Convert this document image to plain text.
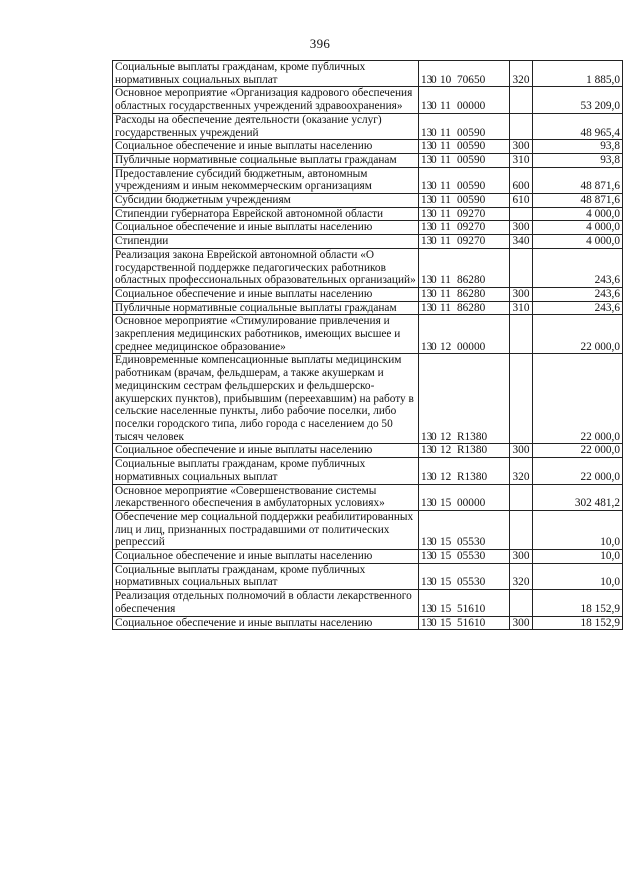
396
Социальные выплаты гражданам, кроме публичных нормативных социальных выплат	130 10 70650	320	1 885,0
Основное мероприятие «Организация кадрового обеспечения областных государственных учреждений здравоохранения»	130 11 00000		53 209,0
Расходы на обеспечение деятельности (оказание услуг) государственных учреждений	130 11 00590		48 965,4
Социальное обеспечение и иные выплаты населению	130 11 00590	300	93,8
Публичные нормативные социальные выплаты гражданам	130 11 00590	310	93,8
Предоставление субсидий бюджетным, автономным учреждениям и иным некоммерческим организациям	130 11 00590	600	48 871,6
Субсидии бюджетным учреждениям	130 11 00590	610	48 871,6
Стипендии губернатора Еврейской автономной области	130 11 09270		4 000,0
Социальное обеспечение и иные выплаты населению	130 11 09270	300	4 000,0
Стипендии	130 11 09270	340	4 000,0
Реализация закона Еврейской автономной области «О государственной поддержке педагогических работников областных профессиональных образовательных организаций»	130 11 86280		243,6
Социальное обеспечение и иные выплаты населению	130 11 86280	300	243,6
Публичные нормативные социальные выплаты гражданам	130 11 86280	310	243,6
Основное мероприятие «Стимулирование привлечения и закрепления медицинских работников, имеющих высшее и среднее медицинское образование»	130 12 00000		22 000,0
Единовременные компенсационные выплаты медицинским работникам (врачам, фельдшерам, а также акушеркам и медицинским сестрам фельдшерских и фельдшерско-акушерских пунктов), прибывшим (переехавшим) на работу в сельские населенные пункты, либо рабочие поселки, либо поселки городского типа, либо города с населением до 50 тысяч человек	130 12 R1380		22 000,0
Социальное обеспечение и иные выплаты населению	130 12 R1380	300	22 000,0
Социальные выплаты гражданам, кроме публичных нормативных социальных выплат	130 12 R1380	320	22 000,0
Основное мероприятие «Совершенствование системы лекарственного обеспечения в амбулаторных условиях»	130 15 00000		302 481,2
Обеспечение мер социальной поддержки реабилитированных лиц и лиц, признанных пострадавшими от политических репрессий	130 15 05530		10,0
Социальное обеспечение и иные выплаты населению	130 15 05530	300	10,0
Социальные выплаты гражданам, кроме публичных нормативных социальных выплат	130 15 05530	320	10,0
Реализация отдельных полномочий в области лекарственного обеспечения	130 15 51610		18 152,9
Социальное обеспечение и иные выплаты населению	130 15 51610	300	18 152,9
